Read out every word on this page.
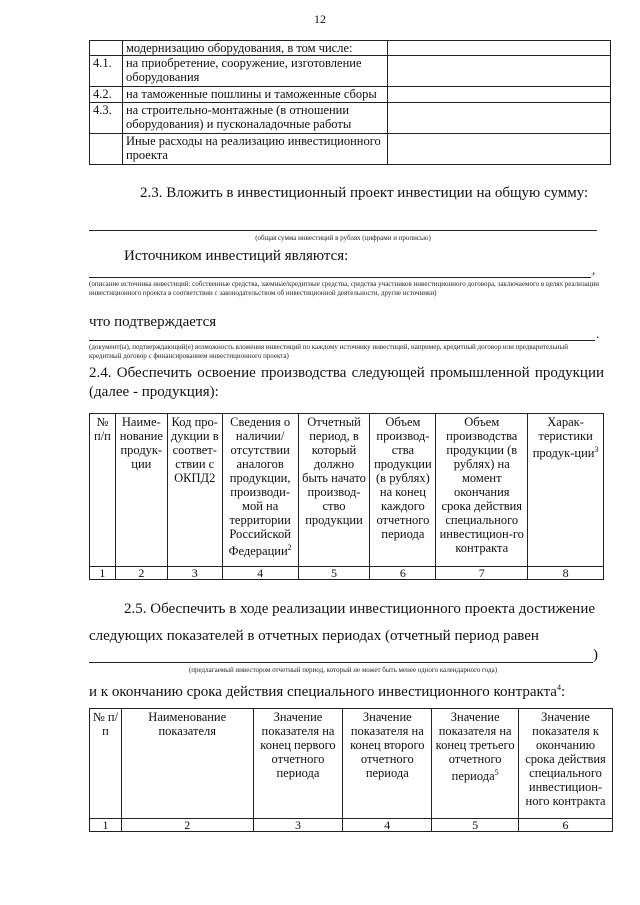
12
	модернизацию оборудования, в том числе:	
4.1.	на приобретение, сооружение, изготовление оборудования	
4.2.	на таможенные пошлины и таможенные сборы	
4.3.	на строительно-монтажные (в отношении оборудования) и пусконаладочные работы	
	Иные расходы на реализацию инвестиционного проекта	
2.3. Вложить в инвестиционный проект инвестиции на общую сумму:
(общая сумма инвестиций в рублях (цифрами и прописью)
Источником инвестиций являются:
,
(описание источника инвестиций: собственные средства, заемные/кредитные средства, средства участников инвестиционного договора, заключаемого в целях реализации инвестиционного проекта в соответствии с законодательством об инвестиционной деятельности, другие источники)
что подтверждается
.
(документ(ы), подтверждающий(е) возможность вложения инвестиций по каждому источнику инвестиций, например, кредитный договор или предварительный кредитный договор с финансированием инвестиционного проекта)
2.4. Обеспечить освоение производства следующей промышленной продукции (далее - продукция):
№ п/п	Наиме-нование продук-ции	Код про-дукции в соответ-ствии с ОКПД2	Сведения о наличии/ отсутствии аналогов продукции, производи-мой на территории Российской Федерации$^2$	Отчетный период, в который должно быть начато производ-ство продукции	Объем производ-ства продукции (в рублях) на конец каждого отчетного периода	Объем производства продукции (в рублях) на момент окончания срока действия специального инвестицион-го контракта	Харак-теристики продук-ции$^3$
1	2	3	4	5	6	7	8
2.5. Обеспечить в ходе реализации инвестиционного проекта достижение
следующих показателей в отчетных периодах (отчетный период равен
)
(предлагаемый инвестором отчетный период, который не может быть менее одного календарного года)
и к окончанию срока действия специального инвестиционного контракта$^4$:
№ п/п	Наименование показателя	Значение показателя на конец первого отчетного периода	Значение показателя на конец второго отчетного периода	Значение показателя на конец третьего отчетного периода$^5$	Значение показателя к окончанию срока действия специального инвестицион-ного контракта
1	2	3	4	5	6
